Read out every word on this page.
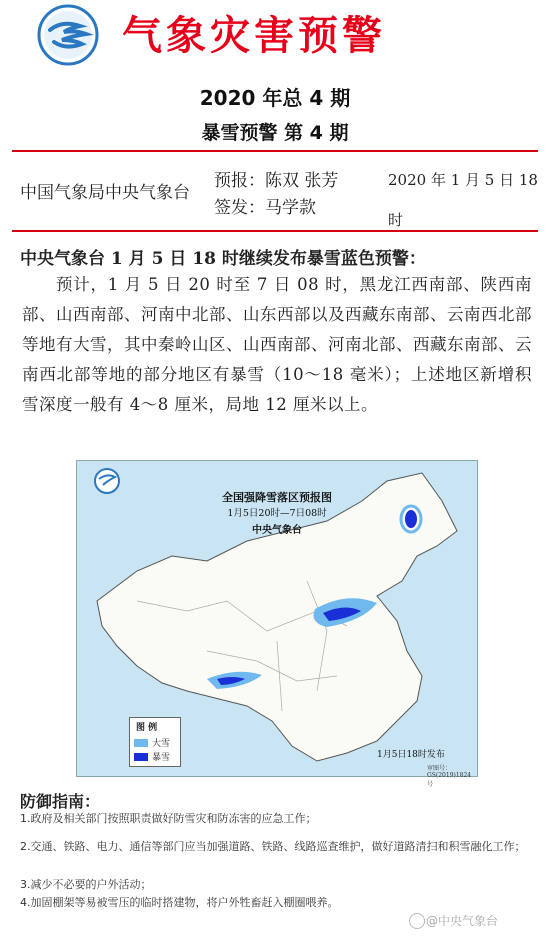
气象灾害预警
2020 年总 4 期
暴雪预警 第 4 期
中国气象局中央气象台
预报：陈双 张芳
签发：马学款
2020 年 1 月 5 日 18 时
中央气象台 1 月 5 日 18 时继续发布暴雪蓝色预警：
预计，1 月 5 日 20 时至 7 日 08 时，黑龙江西南部、陕西南部、山西南部、河南中北部、山东西部以及西藏东南部、云南西北部等地有大雪，其中秦岭山区、山西南部、河南北部、西藏东南部、云南西北部等地的部分地区有暴雪（10～18 毫米）；上述地区新增积雪深度一般有 4～8 厘米，局地 12 厘米以上。
全国强降雪落区预报图
1月5日20时—7日08时
中央气象台
图 例
大雪
暴雪	1月5日18时发布
审图号：GS(2019)1824号
防御指南：
1.政府及相关部门按照职责做好防雪灾和防冻害的应急工作；
2.交通、铁路、电力、通信等部门应当加强道路、铁路、线路巡查维护，做好道路清扫和积雪融化工作；
3.减少不必要的户外活动；
4.加固棚架等易被雪压的临时搭建物，将户外牲畜赶入棚圈喂养。
@中央气象台
